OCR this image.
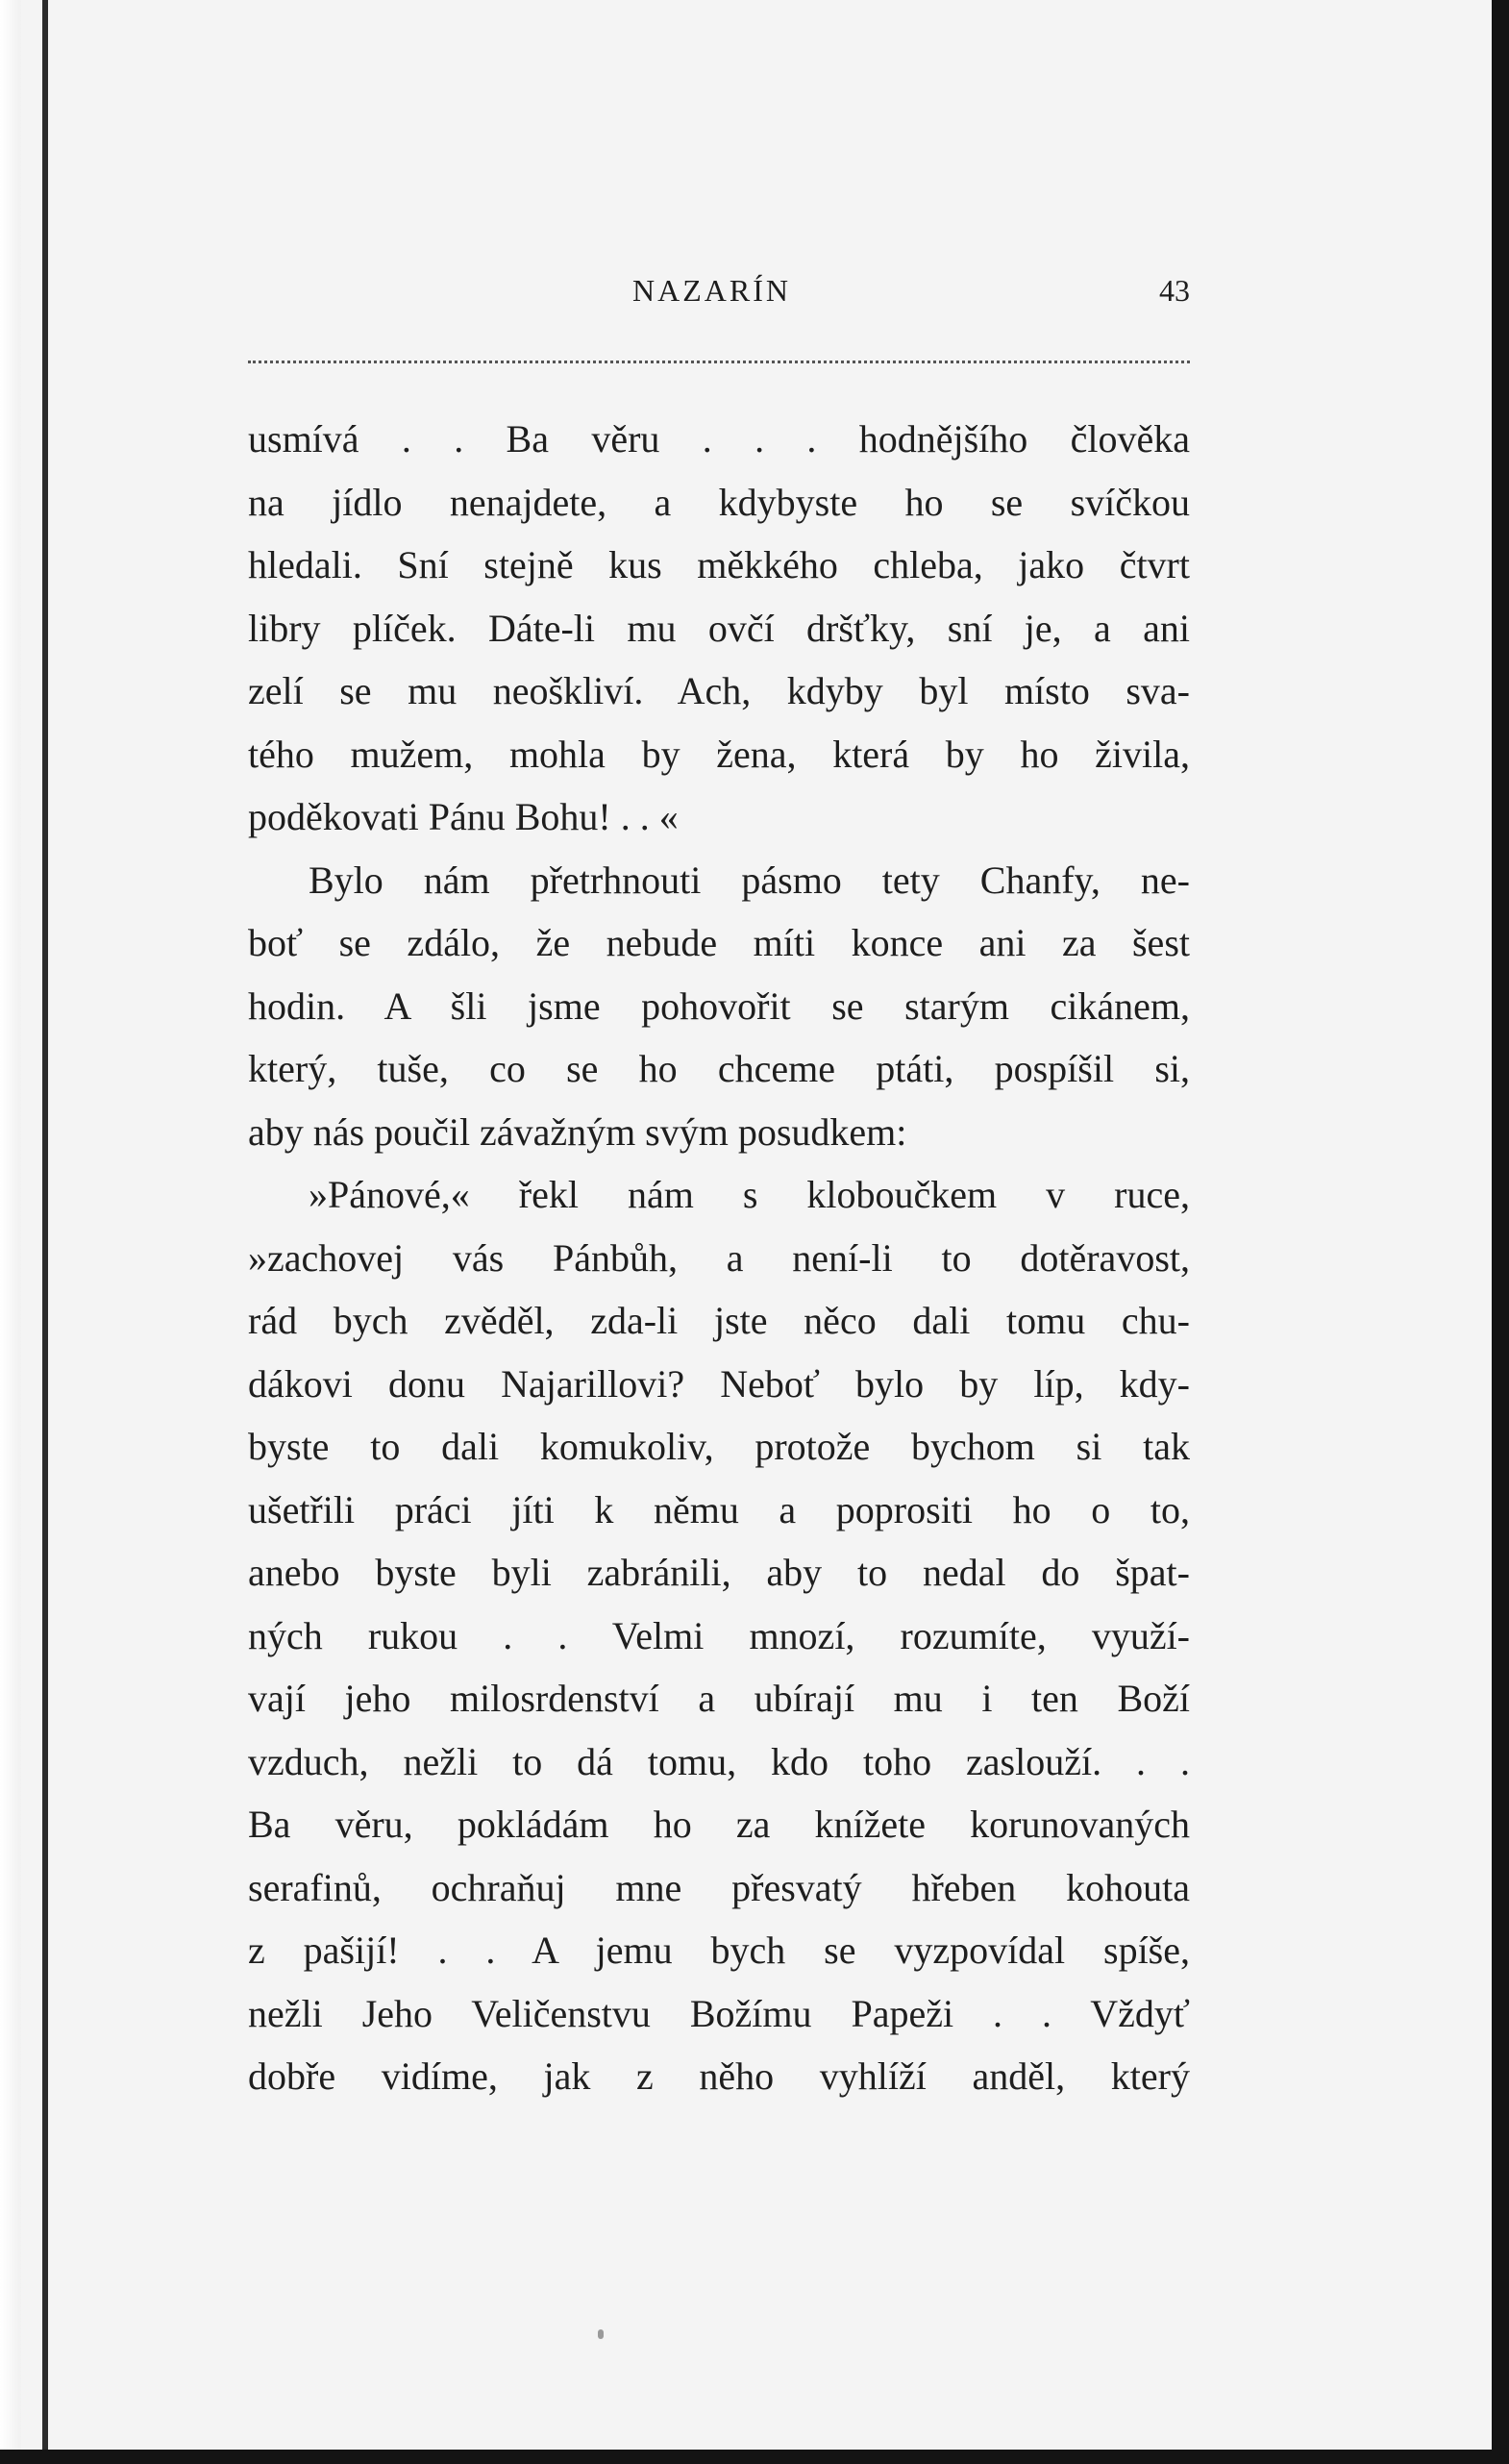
NAZARÍN	43
usmívá . . Ba věru . . . hodnějšího člověka
na jídlo nenajdete, a kdybyste ho se svíčkou
hledali. Sní stejně kus měkkého chleba, jako čtvrt
libry plíček. Dáte-li mu ovčí dršťky, sní je, a ani
zelí se mu neoškliví. Ach, kdyby byl místo sva-
tého mužem, mohla by žena, která by ho živila,
poděkovati Pánu Bohu! . . «
Bylo nám přetrhnouti pásmo tety Chanfy, ne-
boť se zdálo, že nebude míti konce ani za šest
hodin. A šli jsme pohovořit se starým cikánem,
který, tuše, co se ho chceme ptáti, pospíšil si,
aby nás poučil závažným svým posudkem:
»Pánové,« řekl nám s kloboučkem v ruce,
»zachovej vás Pánbůh, a není-li to dotěravost,
rád bych zvěděl, zda-li jste něco dali tomu chu-
dákovi donu Najarillovi? Neboť bylo by líp, kdy-
byste to dali komukoliv, protože bychom si tak
ušetřili práci jíti k němu a poprositi ho o to,
anebo byste byli zabránili, aby to nedal do špat-
ných rukou . . Velmi mnozí, rozumíte, využí-
vají jeho milosrdenství a ubírají mu i ten Boží
vzduch, nežli to dá tomu, kdo toho zaslouží. . .
Ba věru, pokládám ho za knížete korunovaných
serafinů, ochraňuj mne přesvatý hřeben kohouta
z pašijí! . . A jemu bych se vyzpovídal spíše,
nežli Jeho Veličenstvu Božímu Papeži . . Vždyť
dobře vidíme, jak z něho vyhlíží anděl, který
